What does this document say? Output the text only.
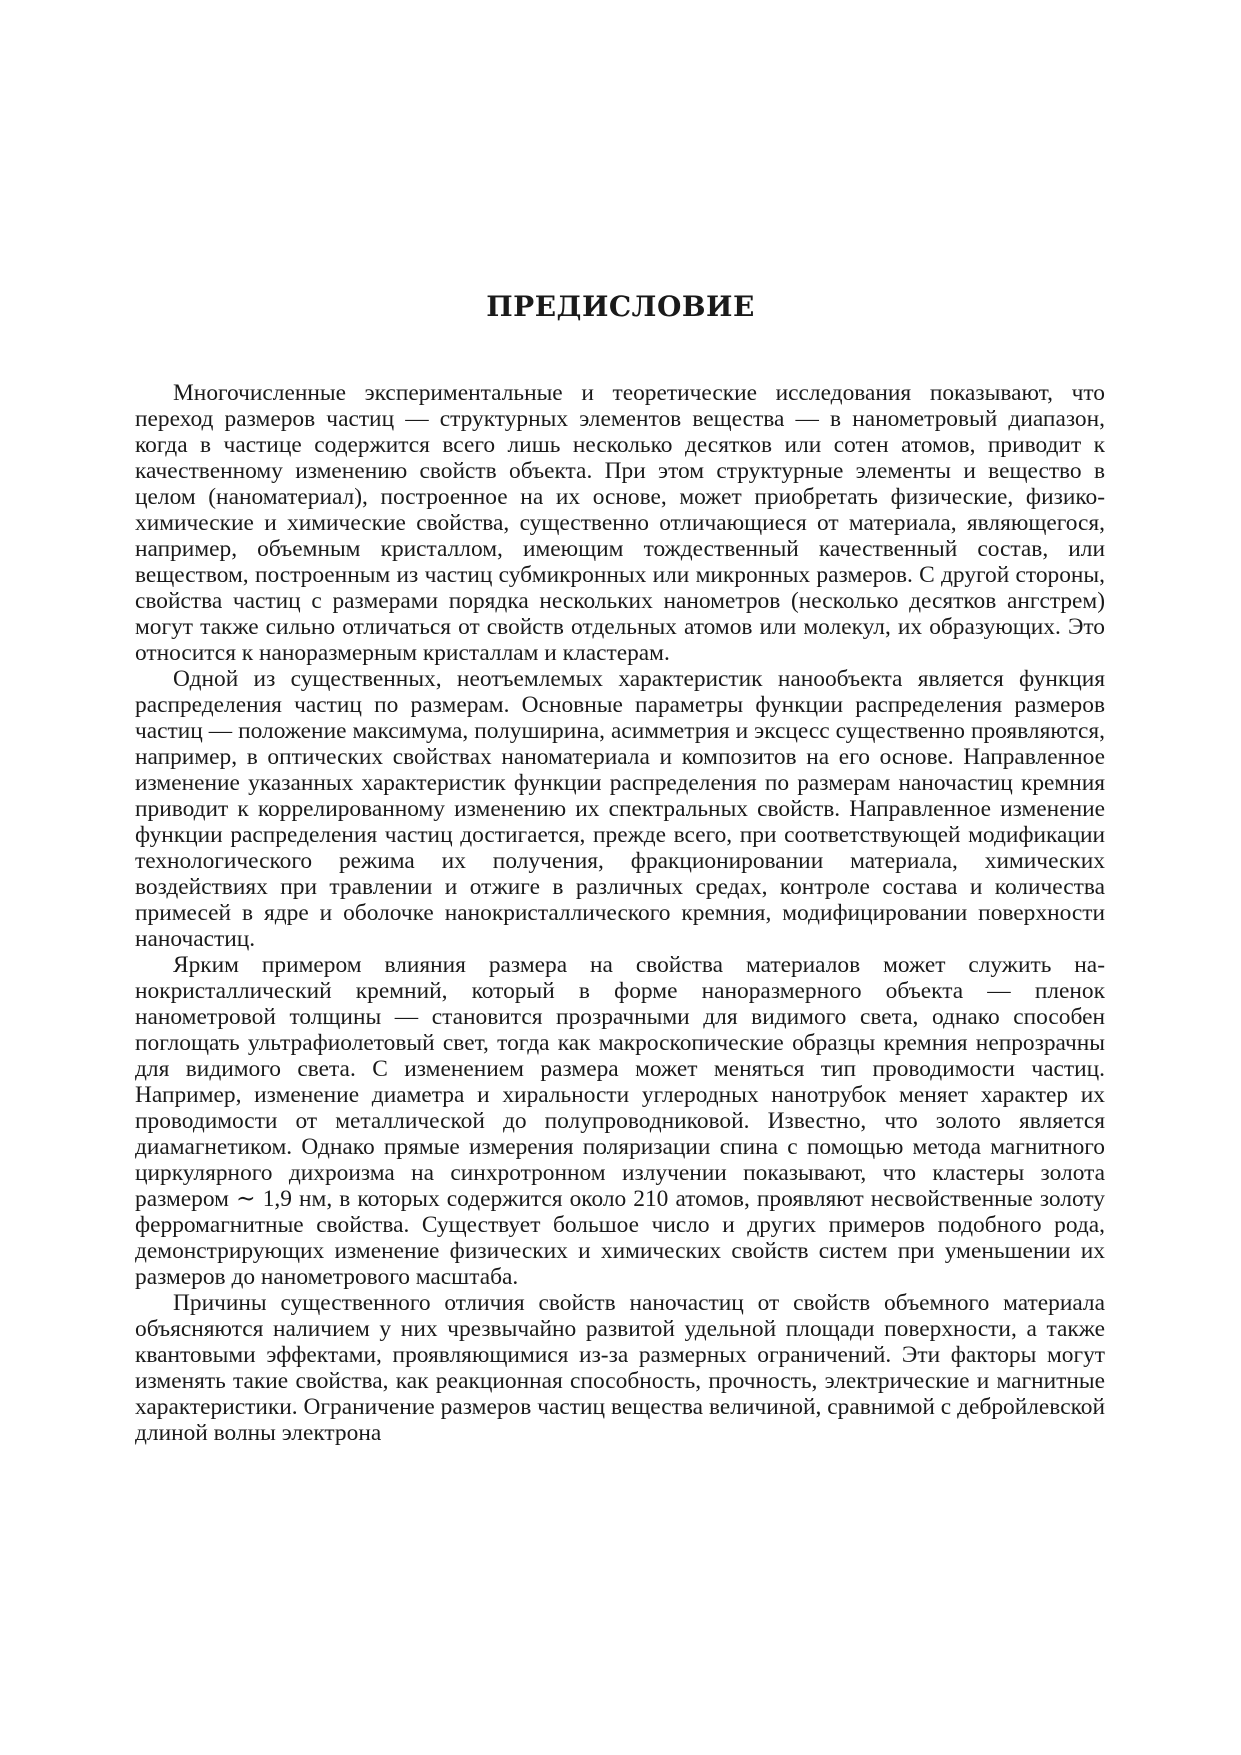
ПРЕДИСЛОВИЕ

Многочисленные экспериментальные и теоретические исследования показывают, что переход размеров частиц — структурных элементов вещества — в нанометровый диапазон, когда в частице содержится всего лишь несколько десятков или сотен атомов, приводит к качественному изменению свойств объекта. При этом структурные элементы и вещество в целом (наноматериал), построенное на их основе, может приобретать физические, физико-химические и химические свойства, существенно отличающиеся от материала, являющегося, например, объемным кристаллом, имеющим тождественный качественный состав, или веществом, построенным из частиц субмикронных или микронных размеров. С другой стороны, свойства частиц с размерами порядка нескольких нанометров (несколько десятков ангстрем) могут также сильно отличаться от свойств отдельных атомов или молекул, их образующих. Это относится к наноразмерным кристаллам и кластерам.

Одной из существенных, неотъемлемых характеристик нанообъекта является функция распределения частиц по размерам. Основные параметры функции распределения размеров частиц — положение максимума, полуширина, асимметрия и эксцесс существенно проявляются, например, в оптических свойствах наноматериала и композитов на его основе. Направленное изменение указанных характеристик функции распределения по размерам наночастиц кремния приводит к коррелированному изменению их спектральных свойств. Направленное изменение функции распределения частиц достигается, прежде всего, при соответствующей модификации технологического режима их получения, фракционировании материала, химических воздействиях при травлении и отжиге в различных средах, контроле состава и количества примесей в ядре и оболочке нанокристаллического кремния, модифицировании поверхности наночастиц.

Ярким примером влияния размера на свойства материалов может служить нанокристаллический кремний, который в форме наноразмерного объекта — пленок нанометровой толщины — становится прозрачными для видимого света, однако способен поглощать ультрафиолетовый свет, тогда как макроскопические образцы кремния непрозрачны для видимого света. С изменением размера может меняться тип проводимости частиц. Например, изменение диаметра и хиральности углеродных нанотрубок меняет характер их проводимости от металлической до полупроводниковой. Известно, что золото является диамагнетиком. Однако прямые измерения поляризации спина с помощью метода магнитного циркулярного дихроизма на синхротронном излучении показывают, что кластеры золота размером ∼ 1,9 нм, в которых содержится около 210 атомов, проявляют несвойственные золоту ферромагнитные свойства. Существует большое число и других примеров подобного рода, демонстрирующих изменение физических и химических свойств систем при уменьшении их размеров до нанометрового масштаба.

Причины существенного отличия свойств наночастиц от свойств объемного материала объясняются наличием у них чрезвычайно развитой удельной площади поверхности, а также квантовыми эффектами, проявляющимися из-за размерных ограничений. Эти факторы могут изменять такие свойства, как реакционная способность, прочность, электрические и магнитные характеристики. Ограничение размеров частиц вещества величиной, сравнимой с дебройлевской длиной волны электрона
